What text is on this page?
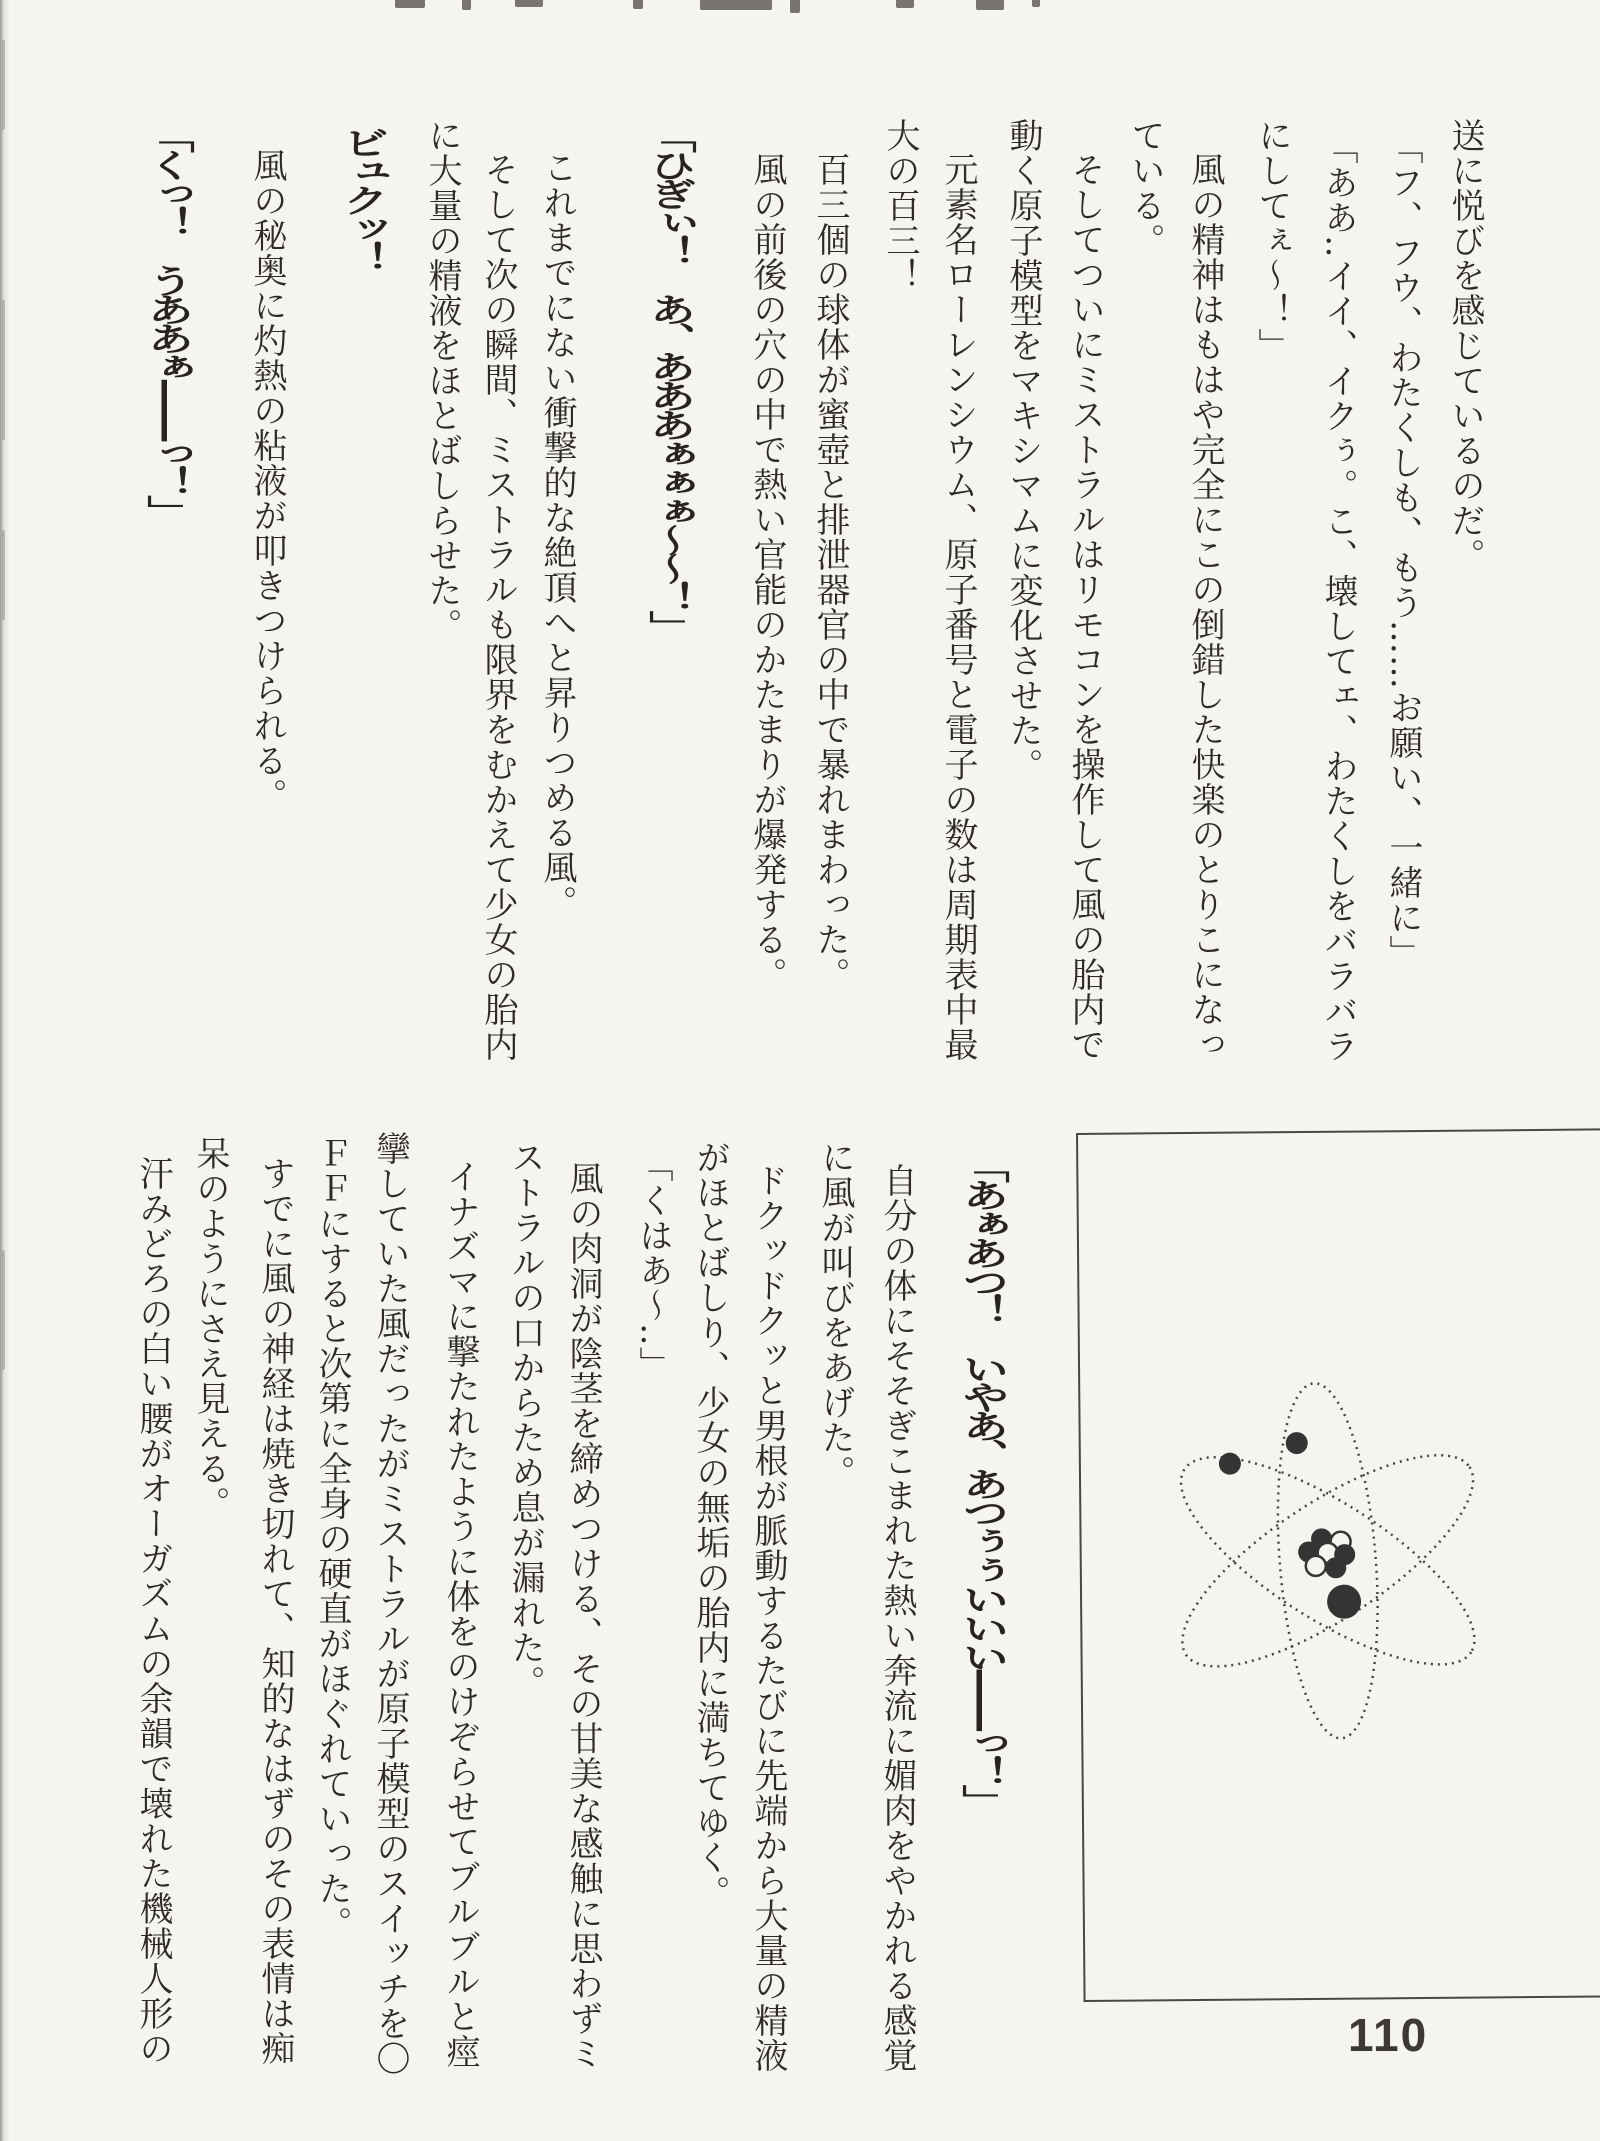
送に悦びを感じているのだ。
「フ、フウ、わたくしも、もう……お願い、一緒に」
「ああ‥イイ、イクぅ。こ、壊してェ、わたくしをバラバラ
にしてぇ〜！」
風の精神はもはや完全にこの倒錯した快楽のとりこになっ
ている。
そしてついにミストラルはリモコンを操作して風の胎内で
動く原子模型をマキシマムに変化させた。
元素名ローレンシウム、原子番号と電子の数は周期表中最
大の百三！
百三個の球体が蜜壺と排泄器官の中で暴れまわった。
風の前後の穴の中で熱い官能のかたまりが爆発する。
「ひぎぃ！　あ、あああぁぁぁ〜〜！」
これまでにない衝撃的な絶頂へと昇りつめる風。
そして次の瞬間、ミストラルも限界をむかえて少女の胎内
に大量の精液をほとばしらせた。
ビュクッ！
風の秘奥に灼熱の粘液が叩きつけられる。
「くっ！　うああぁ――っ！」
「あぁあつ！　いやあ、あつぅぅいいい――っ！」
自分の体にそそぎこまれた熱い奔流に媚肉をやかれる感覚
に風が叫びをあげた。
ドクッドクッと男根が脈動するたびに先端から大量の精液
がほとばしり、少女の無垢の胎内に満ちてゆく。
「くはあ〜‥」
風の肉洞が陰茎を締めつける、その甘美な感触に思わずミ
ストラルの口からため息が漏れた。
イナズマに撃たれたように体をのけぞらせてブルブルと痙
攣していた風だったがミストラルが原子模型のスイッチを〇
ＦＦにすると次第に全身の硬直がほぐれていった。
すでに風の神経は焼き切れて、知的なはずのその表情は痴
呆のようにさえ見える。
汗みどろの白い腰がオーガズムの余韻で壊れた機械人形の	110
